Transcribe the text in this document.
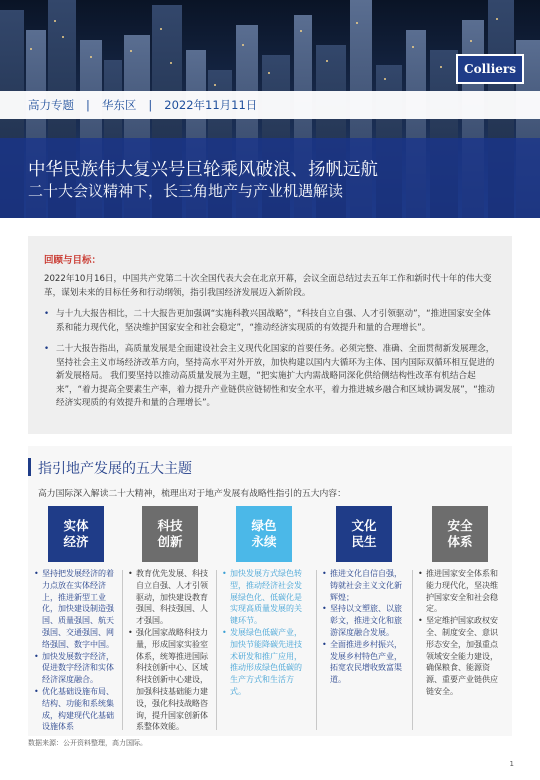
Colliers
高力专题 | 华东区 | 2022年11月11日
中华民族伟大复兴号巨轮乘风破浪、扬帆远航
二十大会议精神下，长三角地产与产业机遇解读
回顾与目标：

2022年10月16日，中国共产党第二十次全国代表大会在北京开幕，会议全面总结过去五年工作和新时代十年的伟大变革，谋划未来的目标任务和行动纲领，指引我国经济发展迈入新阶段。

• 与十九大报告相比，二十大报告更加强调“实施科教兴国战略”，“科技自立自强、人才引领驱动”，“推进国家安全体系和能力现代化，坚决维护国家安全和社会稳定”，“推动经济实现质的有效提升和量的合理增长”。
• 二十大报告指出，高质量发展是全面建设社会主义现代化国家的首要任务。必须完整、准确、全面贯彻新发展理念，坚持社会主义市场经济改革方向，坚持高水平对外开放，加快构建以国内大循环为主体、国内国际双循环相互促进的新发展格局。 我们要坚持以推动高质量发展为主题，“把实施扩大内需战略同深化供给侧结构性改革有机结合起来”，“着力提高全要素生产率，着力提升产业链供应链韧性和安全水平，着力推进城乡融合和区域协调发展”，“推动经济实现质的有效提升和量的合理增长”。
指引地产发展的五大主题
高力国际深入解读二十大精神，梳理出对于地产发展有战略性指引的五大内容：
实体
经济
• 坚持把发展经济的着力点放在实体经济上，推进新型工业化，加快建设制造强国、质量强国、航天强国、交通强国、网络强国、数字中国。
• 加快发展数字经济，促进数字经济和实体经济深度融合。
• 优化基础设施布局、结构、功能和系统集成，构建现代化基础设施体系
科技
创新
• 教育优先发展、科技自立自强、人才引领驱动，加快建设教育强国、科技强国、人才强国。
• 强化国家战略科技力量，形成国家实验室体系，统筹推进国际科技创新中心、区域科技创新中心建设，加强科技基础能力建设，强化科技战略咨询，提升国家创新体系整体效能。
绿色
永续
• 加快发展方式绿色转型，推动经济社会发展绿色化、低碳化是实现高质量发展的关键环节。
• 发展绿色低碳产业，加快节能降碳先进技术研发和推广应用，推动形成绿色低碳的生产方式和生活方式。
文化
民生
• 推进文化自信自强，铸就社会主义文化新辉煌；
• 坚持以文塑旅、以旅彰文，推进文化和旅游深度融合发展。
• 全面推进乡村振兴，发展乡村特色产业，拓宽农民增收致富渠道。
安全
体系
• 推进国家安全体系和能力现代化，坚决维护国家安全和社会稳定。
• 坚定维护国家政权安全、制度安全、意识形态安全，加强重点领域安全能力建设，确保粮食、能源资源、重要产业链供应链安全。
数据来源：公开资料整理，高力国际。
1
